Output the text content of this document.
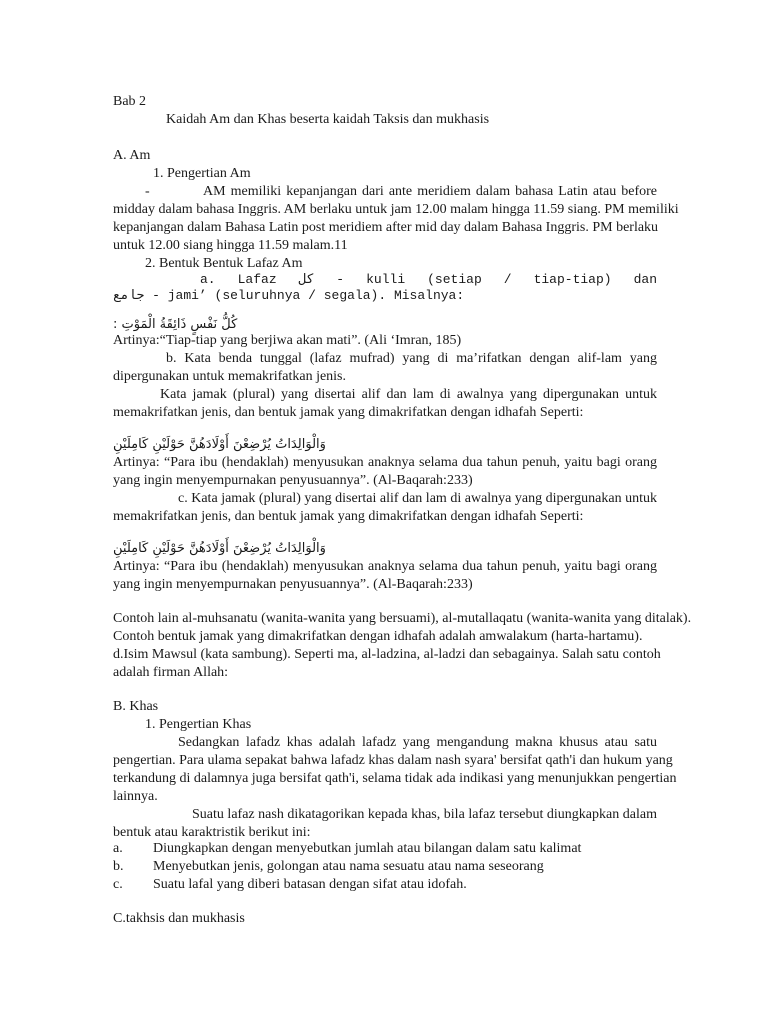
Bab 2
Kaidah Am dan Khas beserta kaidah Taksis dan mukhasis
A. Am
1. Pengertian Am
-	AM memiliki kepanjangan dari ante meridiem dalam bahasa Latin atau before
midday dalam bahasa Inggris. AM berlaku untuk jam 12.00 malam hingga 11.59 siang. PM memiliki
kepanjangan dalam Bahasa Latin post meridiem after mid day dalam Bahasa Inggris. PM berlaku
untuk 12.00 siang hingga 11.59 malam.11
2. Bentuk Bentuk Lafaz Am
a. Lafaz كل - kulli (setiap / tiap-tiap) dan
جامع - jami’ (seluruhnya / segala). Misalnya:
كُلُّ نَفْسٍ ذَائِقَةُ الْمَوْتِ :
Artinya:“Tiap-tiap yang berjiwa akan mati”. (Ali ‘Imran, 185)
b. Kata benda tunggal (lafaz mufrad) yang di ma’rifatkan dengan alif-lam yang
dipergunakan untuk memakrifatkan jenis.
Kata jamak (plural) yang disertai alif dan lam di awalnya yang dipergunakan untuk
memakrifatkan jenis, dan bentuk jamak yang dimakrifatkan dengan idhafah Seperti:
وَالْوَالِدَاتُ يُرْضِعْنَ أَوْلَادَهُنَّ حَوْلَيْنِ كَامِلَيْنِ
Artinya: “Para ibu (hendaklah) menyusukan anaknya selama dua tahun penuh, yaitu bagi orang
yang ingin menyempurnakan penyusuannya”. (Al-Baqarah:233)
c. Kata jamak (plural) yang disertai alif dan lam di awalnya yang dipergunakan untuk
memakrifatkan jenis, dan bentuk jamak yang dimakrifatkan dengan idhafah Seperti:
وَالْوَالِدَاتُ يُرْضِعْنَ أَوْلَادَهُنَّ حَوْلَيْنِ كَامِلَيْنِ
Artinya: “Para ibu (hendaklah) menyusukan anaknya selama dua tahun penuh, yaitu bagi orang
yang ingin menyempurnakan penyusuannya”. (Al-Baqarah:233)
Contoh lain al-muhsanatu (wanita-wanita yang bersuami), al-mutallaqatu (wanita-wanita yang ditalak).
Contoh bentuk jamak yang dimakrifatkan dengan idhafah adalah amwalakum (harta-hartamu).
d.Isim Mawsul (kata sambung). Seperti ma, al-ladzina, al-ladzi dan sebagainya. Salah satu contoh
adalah firman Allah:
B. Khas
1. Pengertian Khas
Sedangkan lafadz khas adalah lafadz yang mengandung makna khusus atau satu
pengertian. Para ulama sepakat bahwa lafadz khas dalam nash syara' bersifat qath'i dan hukum yang
terkandung di dalamnya juga bersifat qath'i, selama tidak ada indikasi yang menunjukkan pengertian
lainnya.
Suatu lafaz nash dikatagorikan kepada khas, bila lafaz tersebut diungkapkan dalam
bentuk atau karaktristik berikut ini:
a. Diungkapkan dengan menyebutkan jumlah atau bilangan dalam satu kalimat
b. Menyebutkan jenis, golongan atau nama sesuatu atau nama seseorang
c. Suatu lafal yang diberi batasan dengan sifat atau idofah.
C.takhsis dan mukhasis
